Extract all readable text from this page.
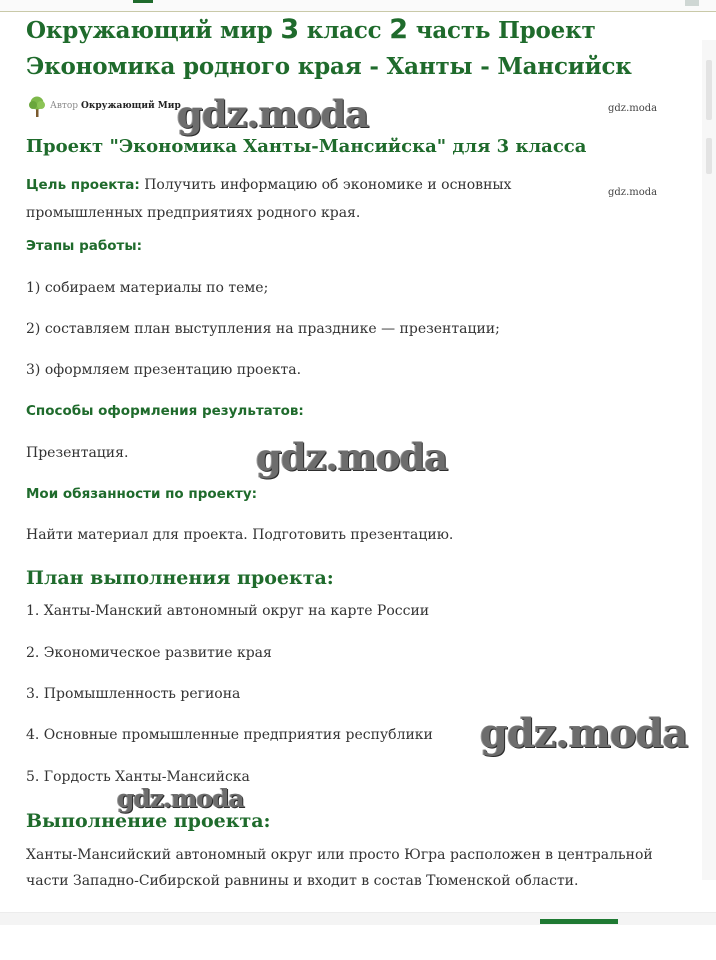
Окружающий мир 3 класс 2 часть Проект
Экономика родного края - Ханты - Мансийск
Автор Окружающий Мир
gdz.moda	gdz.moda
Проект "Экономика Ханты-Мансийска" для 3 класса

Цель проекта: Получить информацию об экономике и основных промышленных предприятиях родного края.

gdz.moda

Этапы работы:

1) собираем материалы по теме;

2) составляем план выступления на празднике — презентации;

3) оформляем презентацию проекта.

Способы оформления результатов:

Презентация.	gdz.moda

Мои обязанности по проекту:

Найти материал для проекта. Подготовить презентацию.

План выполнения проекта:

1. Ханты-Манский автономный округ на карте России

2. Экономическое развитие края

3. Промышленность региона

4. Основные промышленные предприятия республики gdz.moda

5. Гордость Ханты-Мансийска

gdz.moda
Выполнение проекта:

Ханты-Мансийский автономный округ или просто Югра расположен в центральной части Западно-Сибирской равнины и входит в состав Тюменской области.
